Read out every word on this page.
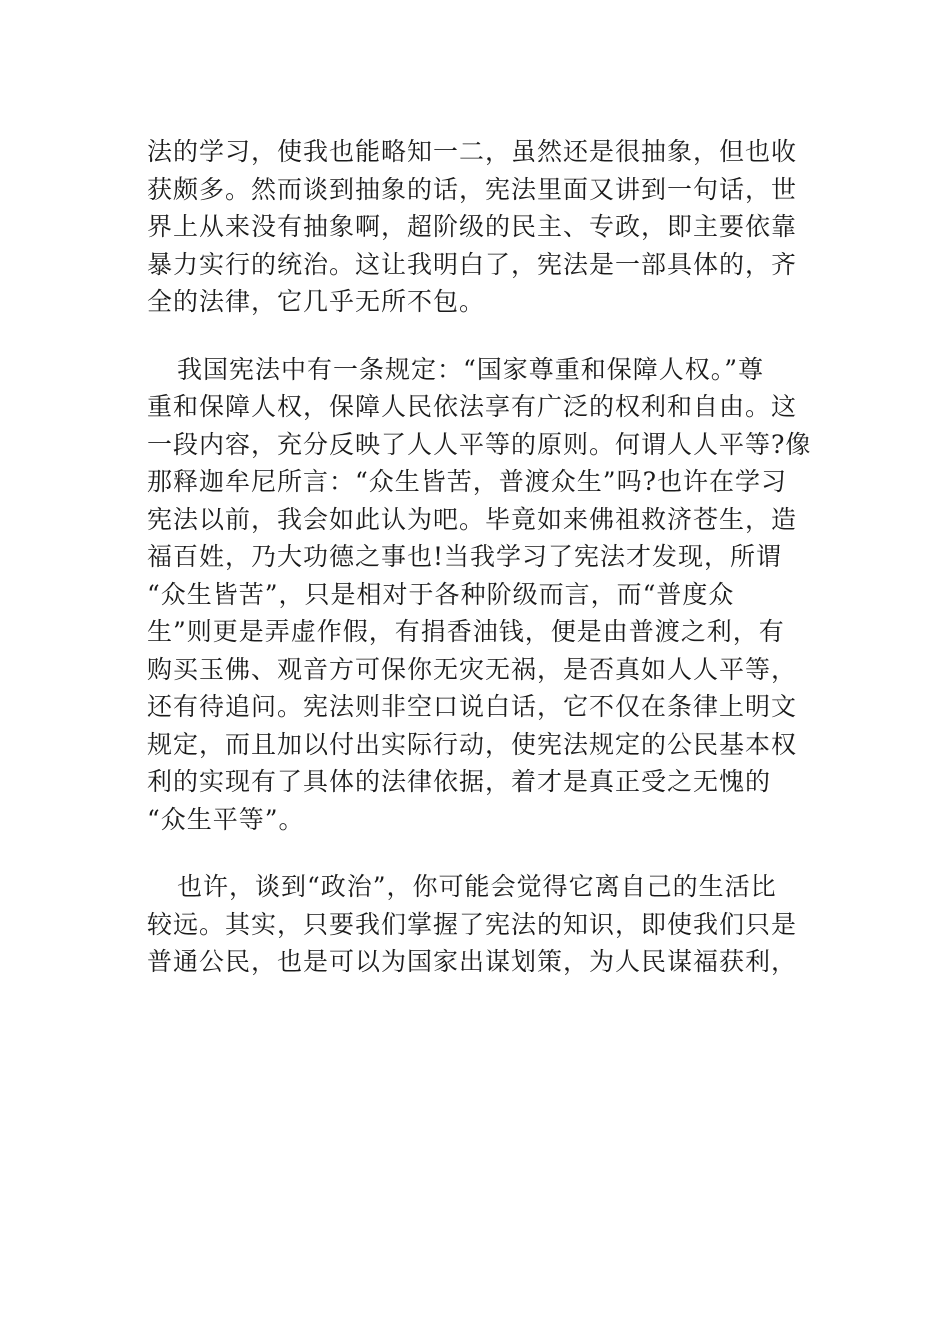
法的学习，使我也能略知一二，虽然还是很抽象，但也收
获颇多。然而谈到抽象的话，宪法里面又讲到一句话，世
界上从来没有抽象啊，超阶级的民主、专政，即主要依靠
暴力实行的统治。这让我明白了，宪法是一部具体的，齐
全的法律，它几乎无所不包。
我国宪法中有一条规定：“国家尊重和保障人权。”尊
重和保障人权，保障人民依法享有广泛的权利和自由。这
一段内容，充分反映了人人平等的原则。何谓人人平等?像
那释迦牟尼所言：“众生皆苦，普渡众生”吗?也许在学习
宪法以前，我会如此认为吧。毕竟如来佛祖救济苍生，造
福百姓，乃大功德之事也!当我学习了宪法才发现，所谓
“众生皆苦”，只是相对于各种阶级而言，而“普度众
生”则更是弄虚作假，有捐香油钱，便是由普渡之利，有
购买玉佛、观音方可保你无灾无祸，是否真如人人平等，
还有待追问。宪法则非空口说白话，它不仅在条律上明文
规定，而且加以付出实际行动，使宪法规定的公民基本权
利的实现有了具体的法律依据，着才是真正受之无愧的
“众生平等”。
也许，谈到“政治”，你可能会觉得它离自己的生活比
较远。其实，只要我们掌握了宪法的知识，即使我们只是
普通公民，也是可以为国家出谋划策，为人民谋福获利，
